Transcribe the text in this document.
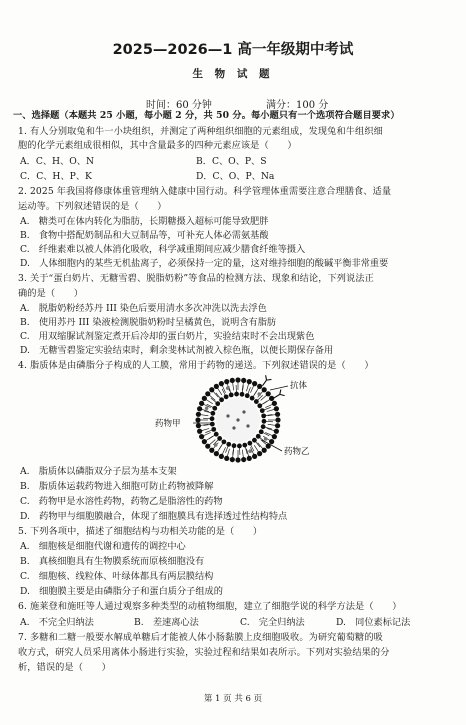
2025—2026—1 高一年级期中考试
生 物 试 题
时间：60 分钟	满分：100 分
一、选择题（本题共 25 小题，每小题 2 分，共 50 分。每小题只有一个选项符合题目要求）
1. 有人分别取兔和牛一小块组织，并测定了两种组织细胞的元素组成，发现兔和牛组织细
胞的化学元素组成很相似，其中含量最多的四种元素应该是（　　）
A．C、H、O、N	B．C、O、P、S
C．C、H、P、K	D．C、O、P、Na
2. 2025 年我国将修康体重管理纳入健康中国行动。科学管理体重需要注意合理膳食、适量
运动等。下列叙述错误的是（　　）
A.　糖类可在体内转化为脂肪，长期糖摄入超标可能导致肥胖
B.　食物中搭配奶制品和大豆制品等，可补充人体必需氨基酸
C.　纤维素难以被人体消化吸收，科学减重期间应减少膳食纤维等摄入
D.　人体细胞内的某些无机盐离子，必须保持一定的量，这对维持细胞的酸碱平衡非常重要
3. 关于“蛋白奶片、无糖雪碧、脱脂奶粉”等食品的检测方法、现象和结论，下列说法正
确的是（　　）
A.　脱脂奶粉经苏丹 III 染色后要用清水多次冲洗以洗去浮色
B.　使用苏丹 III 染液检测脱脂奶粉时呈橘黄色，说明含有脂肪
C.　用双缩脲试剂鉴定煮开后冷却的蛋白奶片，实验结束时不会出现紫色
D.　无糖雪碧鉴定实验结束时，剩余斐林试剂被入棕色瓶，以便长期保存备用
4. 脂质体是由磷脂分子构成的人工膜，常用于药物的递送。下列叙述错误的是（　　）
抗体
药物甲
药物乙
A.　脂质体以磷脂双分子层为基本支架
B.　脂质体运载药物进入细胞可防止药物被降解
C.　药物甲是水溶性药物，药物乙是脂溶性的药物
D.　药物甲与细胞膜融合，体现了细胞膜具有选择透过性结构特点
5. 下列各项中，描述了细胞结构与功相关功能的是（　　）
A.　细胞核是细胞代谢和遗传的调控中心
B.　真核细胞具有生物膜系统而原核细胞没有
C.　细胞核、线粒体、叶绿体都具有两层膜结构
D.　细胞膜主要是由磷脂分子和蛋白质分子组成的
6. 施莱登和施旺等人通过观察多种类型的动植物细胞，建立了细胞学说的科学方法是（　　）
A.　不完全归纳法	B.　差速离心法	C.　完全归纳法	D.　同位素标记法
7. 多糖和二糖一般要水解成单糖后才能被人体小肠黏膜上皮细胞吸收。为研究葡萄糖的吸
收方式，研究人员采用离体小肠进行实验，实验过程和结果如表所示。下列对实验结果的分
析，错误的是（　　）
第 1 页 共 6 页
